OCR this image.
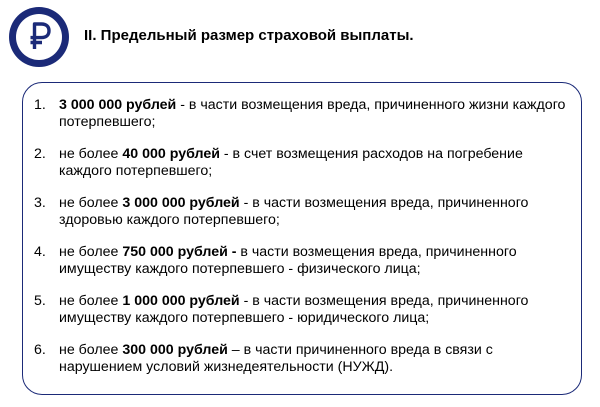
II. Предельный размер страховой выплаты.
1. 3 000 000 рублей - в части возмещения вреда, причиненного жизни каждого потерпевшего;
2. не более 40 000 рублей - в счет возмещения расходов на погребение каждого потерпевшего;
3. не более 3 000 000 рублей - в части возмещения вреда, причиненного здоровью каждого потерпевшего;
4. не более 750 000 рублей - в части возмещения вреда, причиненного имуществу каждого потерпевшего - физического лица;
5. не более 1 000 000 рублей - в части возмещения вреда, причиненного имуществу каждого потерпевшего - юридического лица;
6. не более 300 000 рублей – в части причиненного вреда в связи с нарушением условий жизнедеятельности (НУЖД).
